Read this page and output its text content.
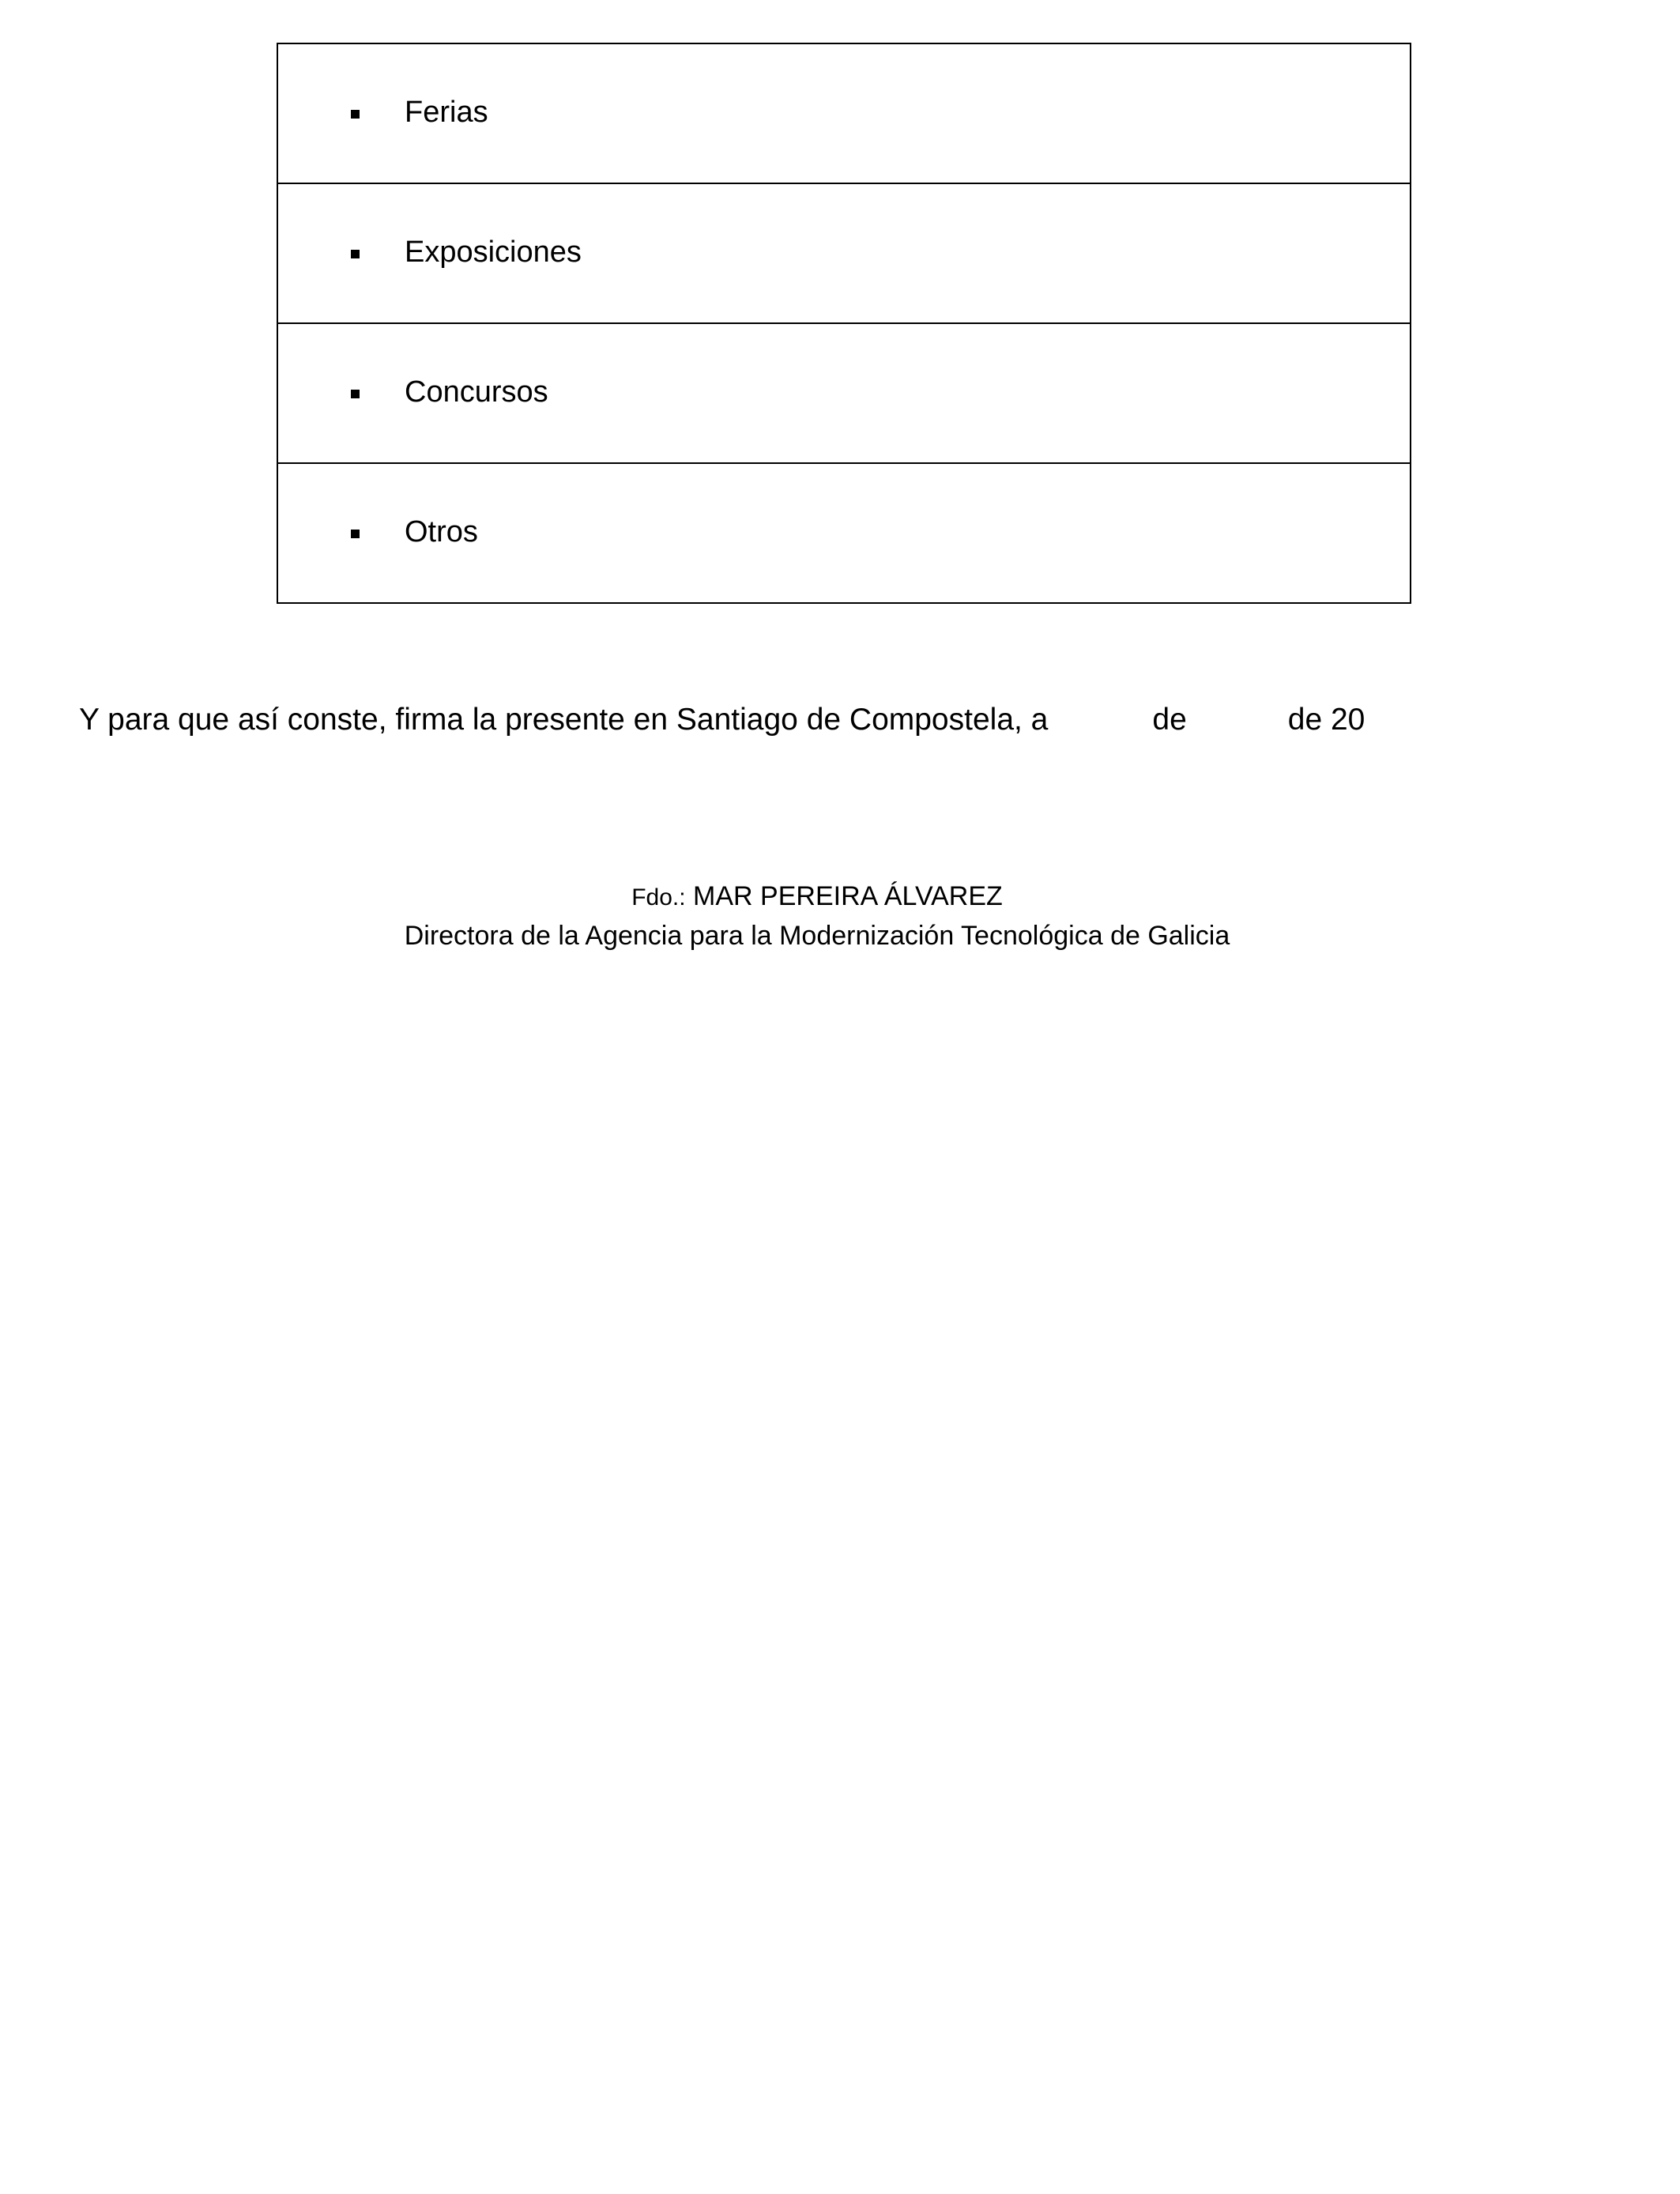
Ferias

Exposiciones

Concursos

Otros
Y para que así conste, firma la presente en Santiago de Compostela, a	de	de 20
Fdo.: MAR PEREIRA ÁLVAREZ
Directora de la Agencia para la Modernización Tecnológica de Galicia
